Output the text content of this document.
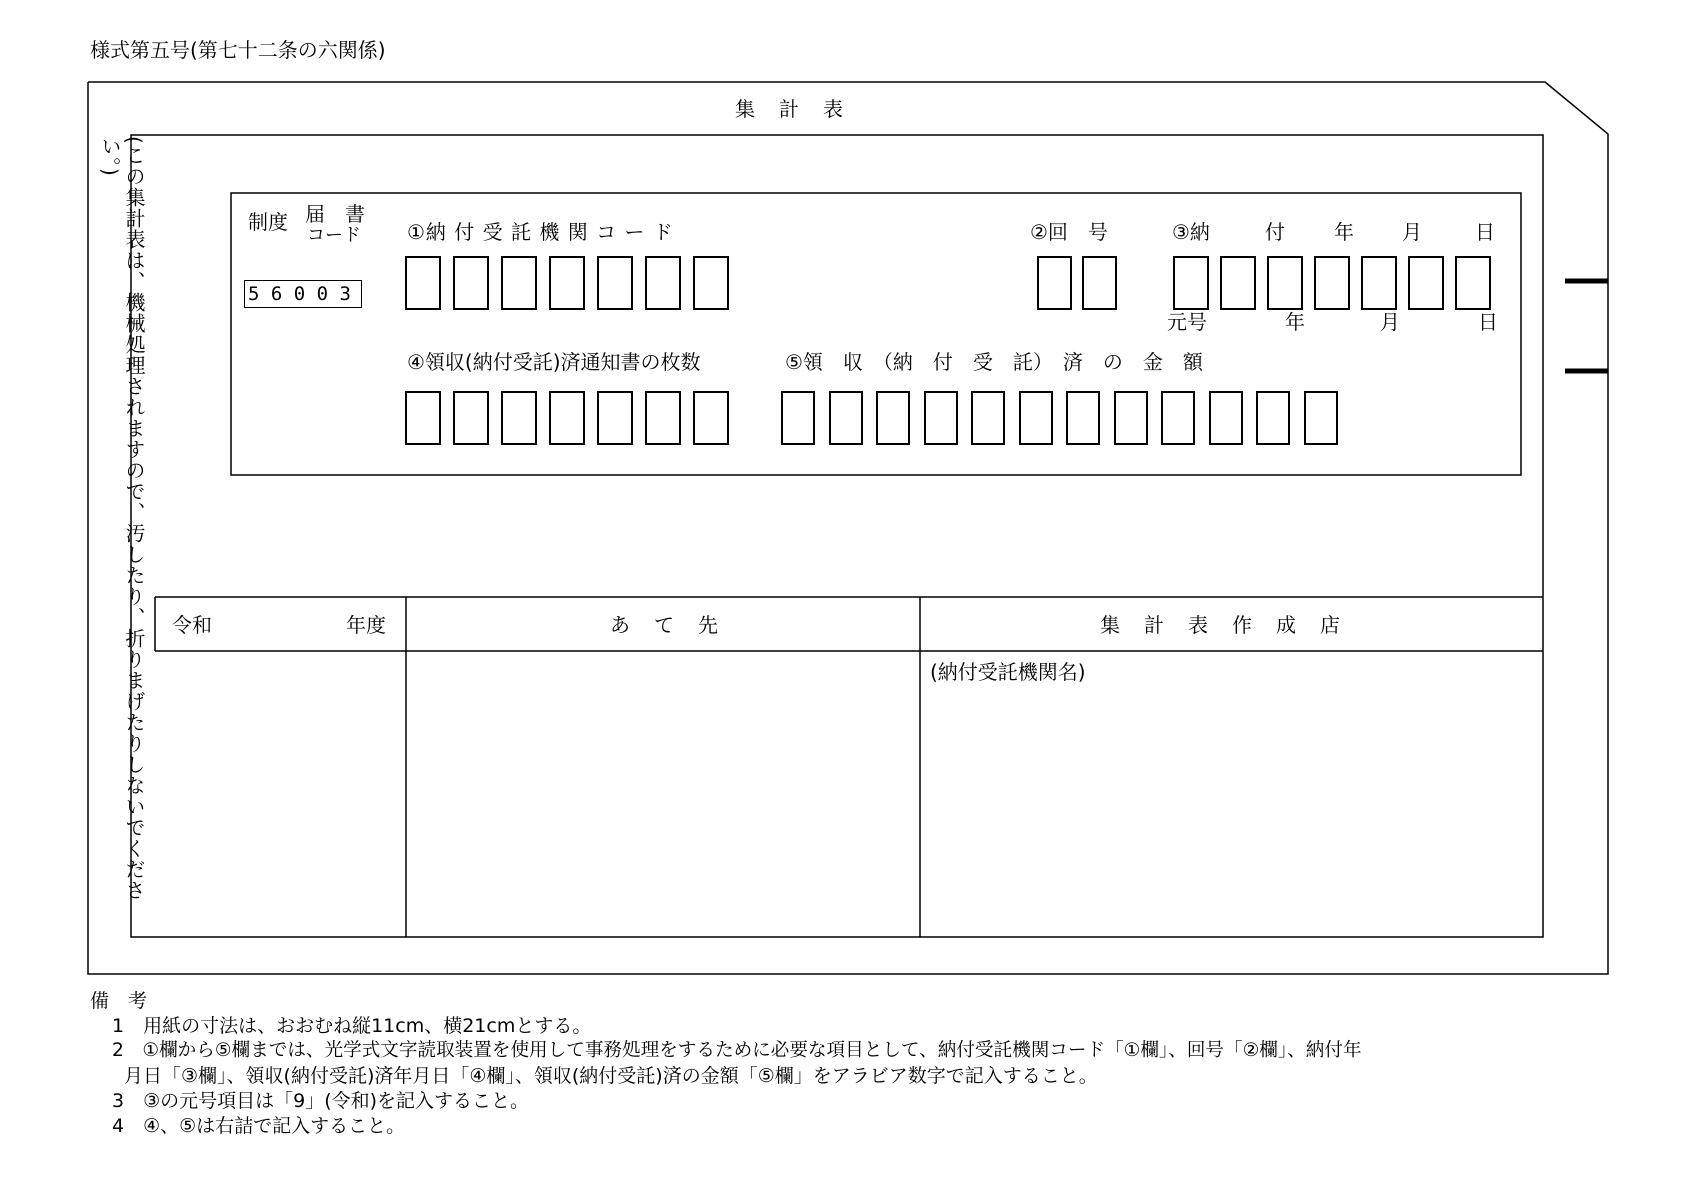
様式第五号(第七十二条の六関係)
集　計　表
(この集計表は、機械処理されますので、汚したり、折りまげたりしないでください。)
制度 届　書
コード
5 6 0 0 3
①納 付 受 託 機 関 コ ー ド	②回　号	③納	付 年 月	日
元号	年	月	日
④領収(納付受託)済通知書の枚数	⑤領　収　（納　付　受　託）　済　の　金　額
令和	年度	あ　て　先	集　計　表　作　成　店
(納付受託機関名)
備　考
1　用紙の寸法は、おおむね縦11cm、横21cmとする。
2　①欄から⑤欄までは、光学式文字読取装置を使用して事務処理をするために必要な項目として、納付受託機関コード「①欄」、回号「②欄」、納付年
月日「③欄」、領収(納付受託)済年月日「④欄」、領収(納付受託)済の金額「⑤欄」をアラビア数字で記入すること。
3　③の元号項目は「9」(令和)を記入すること。
4　④、⑤は右詰で記入すること。
